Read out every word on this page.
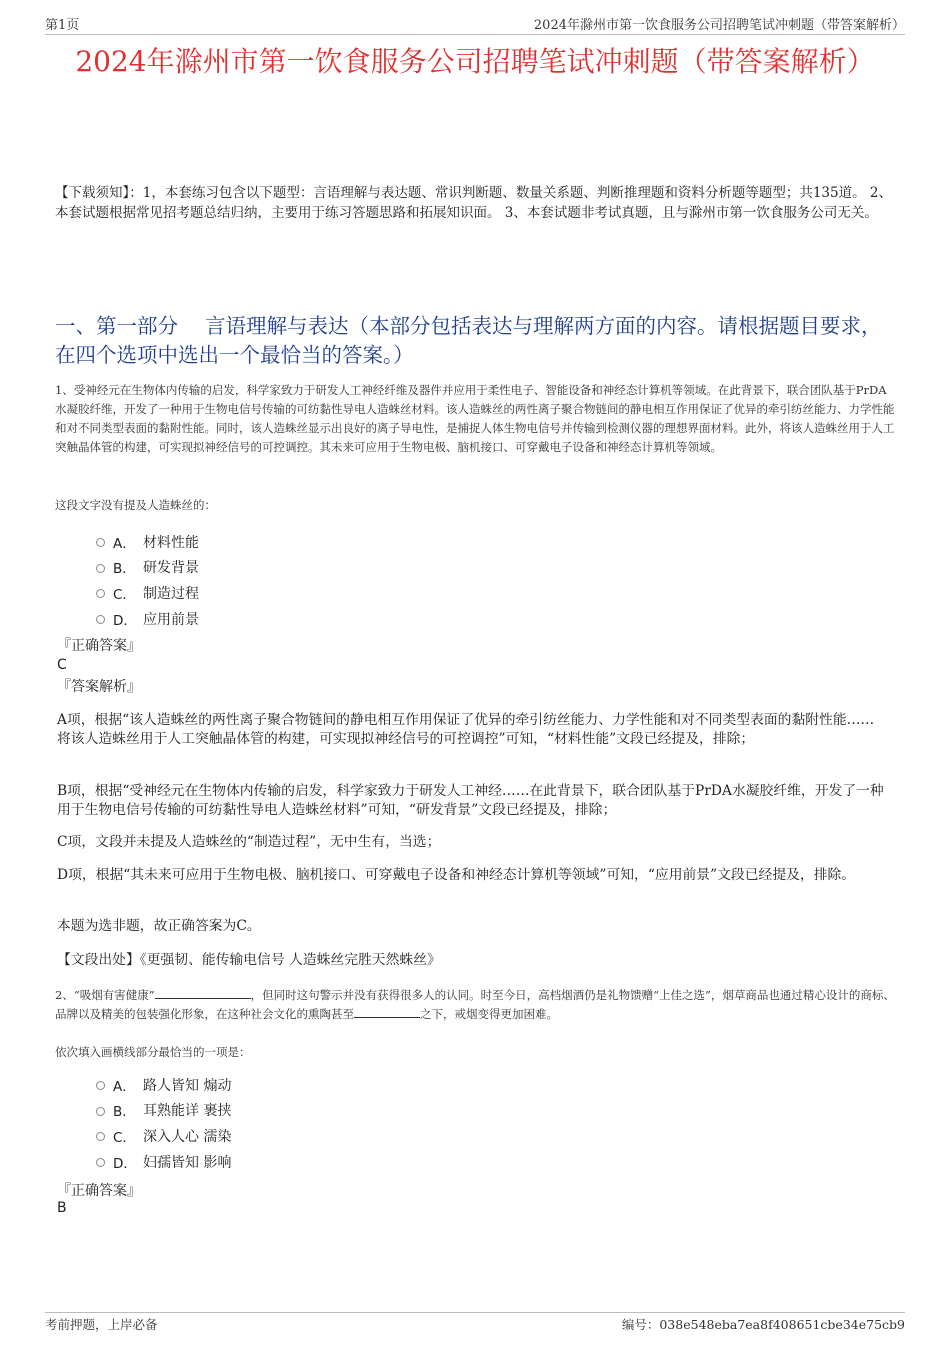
第1页	2024年滁州市第一饮食服务公司招聘笔试冲刺题（带答案解析）
2024年滁州市第一饮食服务公司招聘笔试冲刺题（带答案解析）
【下载须知】：1，本套练习包含以下题型：言语理解与表达题、常识判断题、数量关系题、判断推理题和资料分析题等题型；共135道。 2、本套试题根据常见招考题总结归纳，主要用于练习答题思路和拓展知识面。 3、本套试题非考试真题，且与滁州市第一饮食服务公司无关。
一、第一部分　 言语理解与表达（本部分包括表达与理解两方面的内容。请根据题目要求，在四个选项中选出一个最恰当的答案。）
1、受神经元在生物体内传输的启发，科学家致力于研发人工神经纤维及器件并应用于柔性电子、智能设备和神经态计算机等领域。在此背景下，联合团队基于PrDA水凝胶纤维，开发了一种用于生物电信号传输的可纺黏性导电人造蛛丝材料。该人造蛛丝的两性离子聚合物链间的静电相互作用保证了优异的牵引纺丝能力、力学性能和对不同类型表面的黏附性能。同时，该人造蛛丝显示出良好的离子导电性，是捕捉人体生物电信号并传输到检测仪器的理想界面材料。此外，将该人造蛛丝用于人工突触晶体管的构建，可实现拟神经信号的可控调控。其未来可应用于生物电极、脑机接口、可穿戴电子设备和神经态计算机等领域。
这段文字没有提及人造蛛丝的：
A． 材料性能
B． 研发背景
C． 制造过程
D． 应用前景
『正确答案』
C
『答案解析』
A项，根据“该人造蛛丝的两性离子聚合物链间的静电相互作用保证了优异的牵引纺丝能力、力学性能和对不同类型表面的黏附性能……将该人造蛛丝用于人工突触晶体管的构建，可实现拟神经信号的可控调控”可知，“材料性能”文段已经提及，排除；
B项，根据“受神经元在生物体内传输的启发，科学家致力于研发人工神经……在此背景下，联合团队基于PrDA水凝胶纤维，开发了一种用于生物电信号传输的可纺黏性导电人造蛛丝材料”可知，“研发背景”文段已经提及，排除；
C项，文段并未提及人造蛛丝的“制造过程”，无中生有，当选；
D项，根据“其未来可应用于生物电极、脑机接口、可穿戴电子设备和神经态计算机等领域”可知，“应用前景”文段已经提及，排除。
本题为选非题，故正确答案为C。
【文段出处】《更强韧、能传输电信号 人造蛛丝完胜天然蛛丝》
2、“吸烟有害健康”	，但同时这句警示并没有获得很多人的认同。时至今日，高档烟酒仍是礼物馈赠“上佳之选”，烟草商品也通过精心设计的商标、品牌以及精美的包装强化形象，在这种社会文化的熏陶甚至	之下，戒烟变得更加困难。
依次填入画横线部分最恰当的一项是：
A． 路人皆知 煽动
B． 耳熟能详 裹挟
C． 深入人心 濡染
D． 妇孺皆知 影响
『正确答案』
B
考前押题，上岸必备	编号：038e548eba7ea8f408651cbe34e75cb9
